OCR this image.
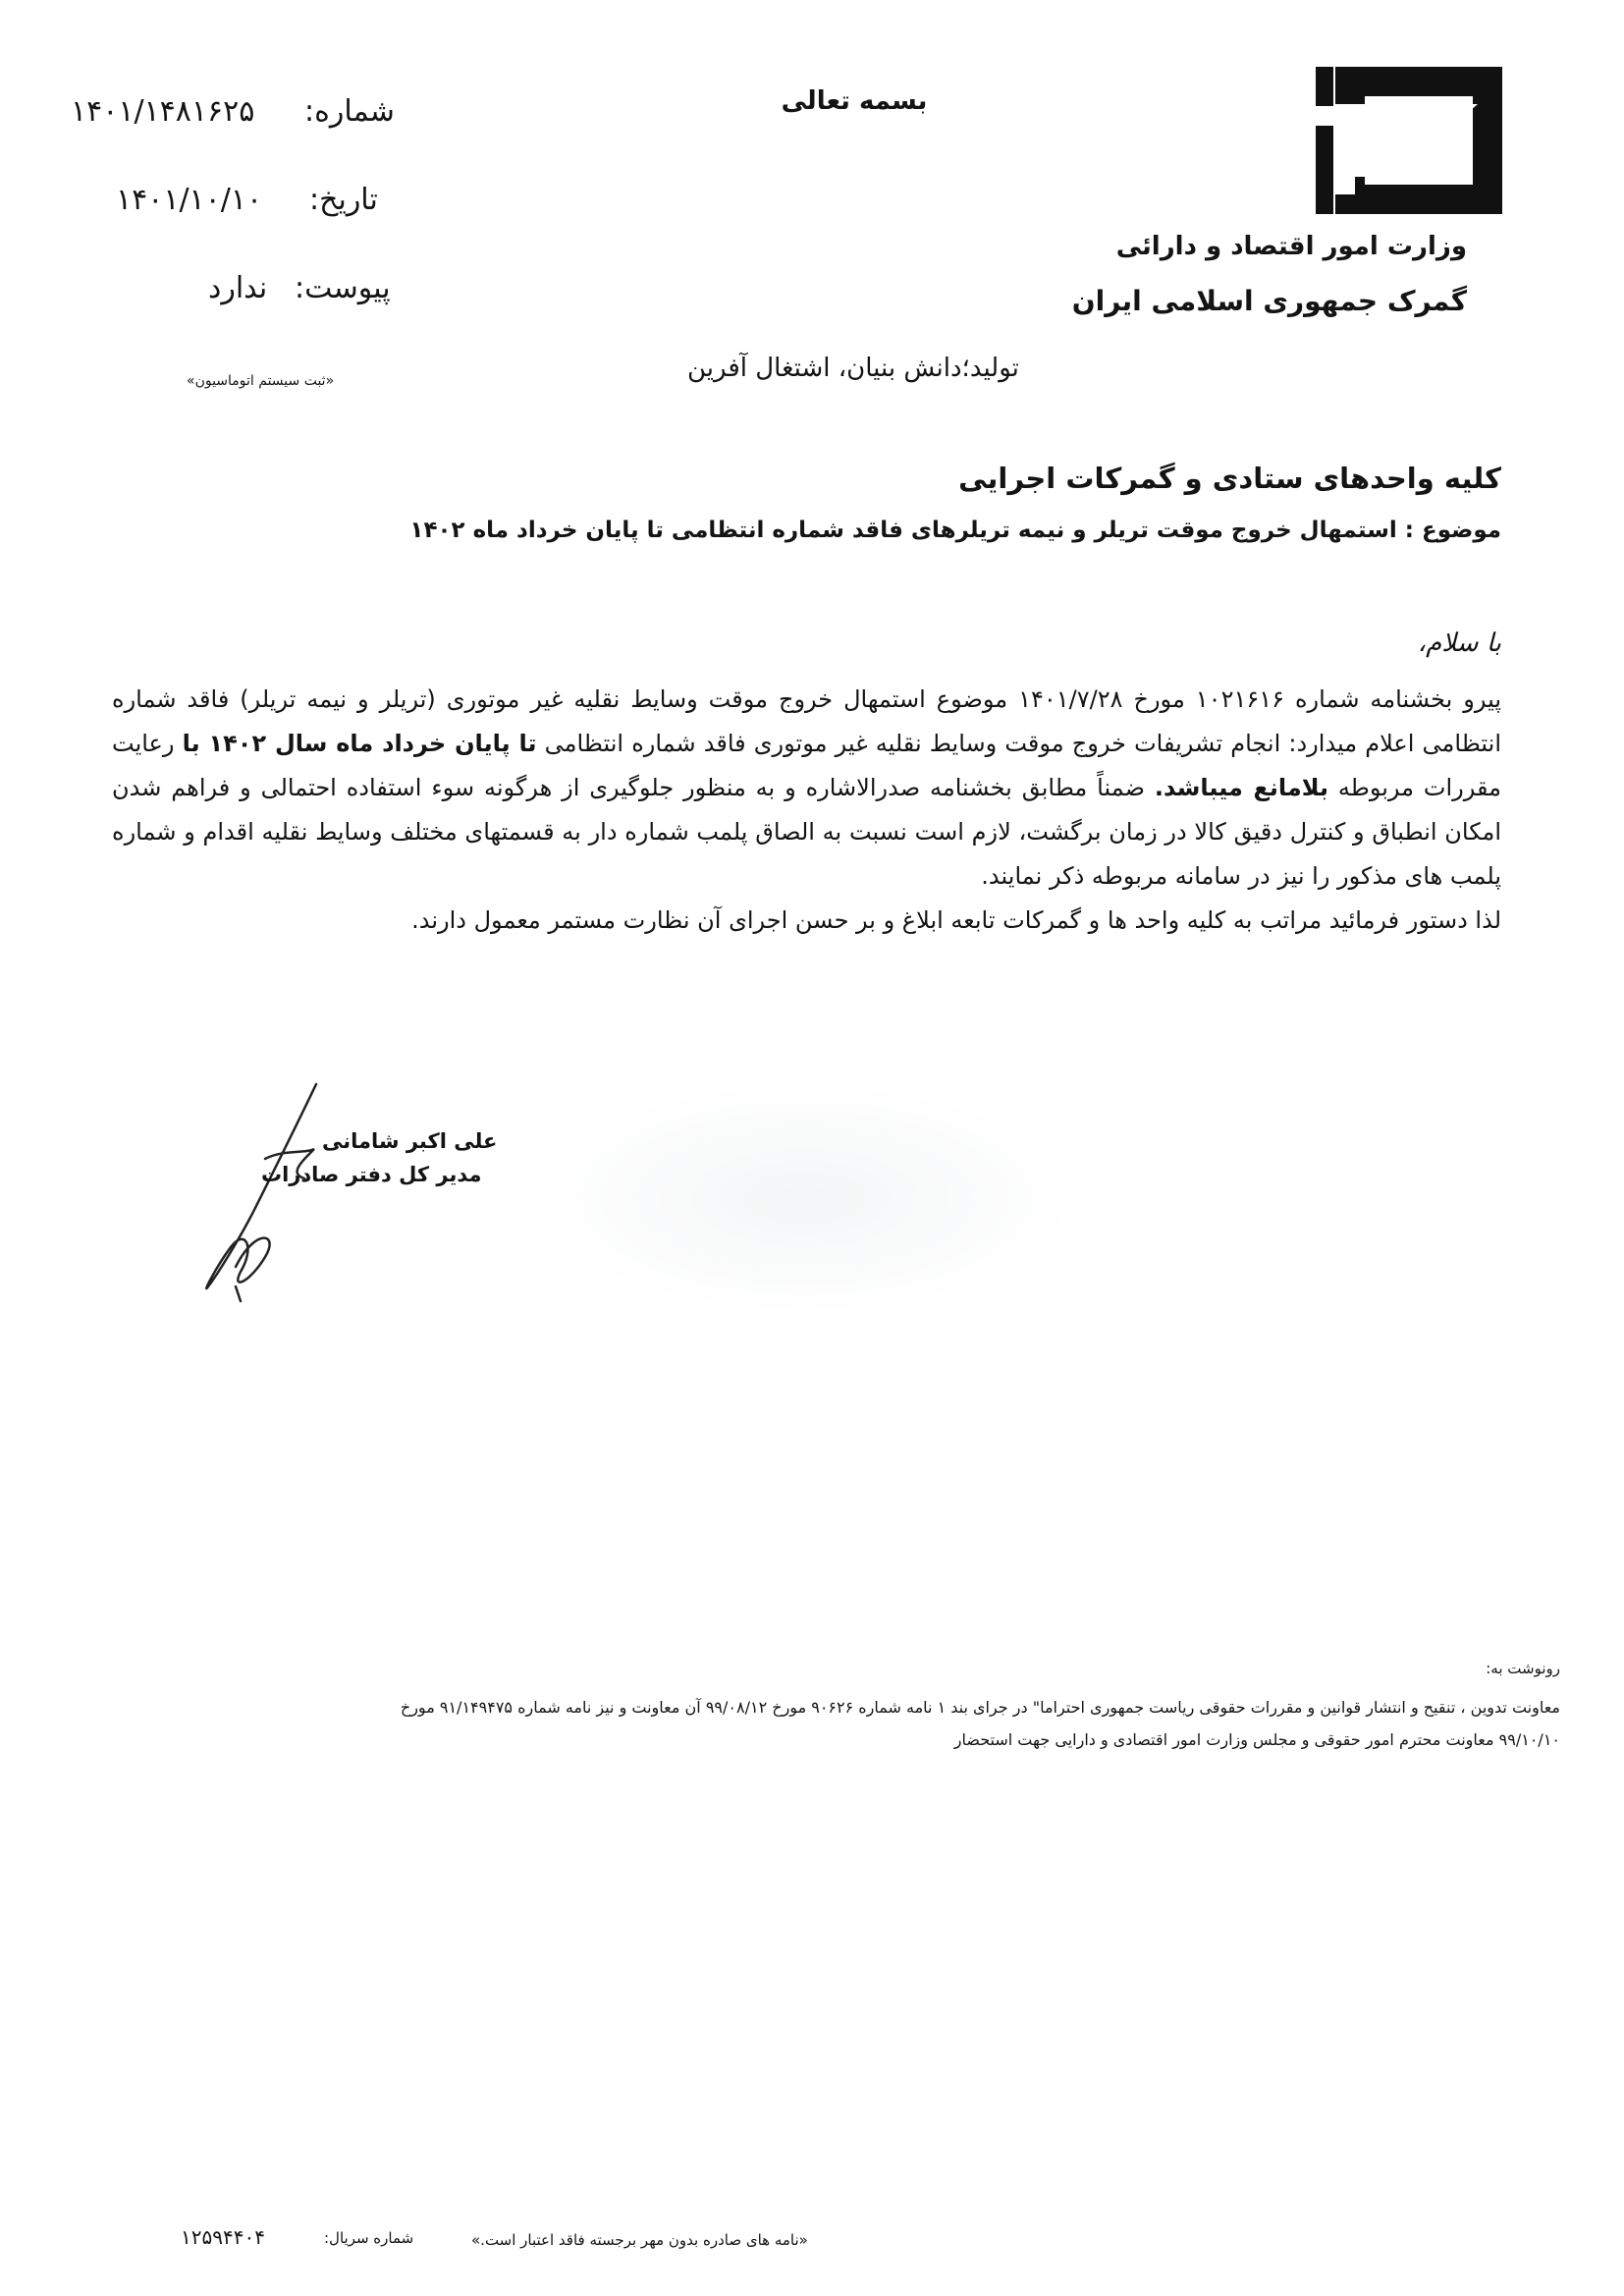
وزارت امور اقتصاد و دارائی
گمرک جمهوری اسلامی ایران
بسمه تعالی
شماره:
۱۴۰۱/۱۴۸۱۶۲۵
تاریخ:
۱۴۰۱/۱۰/۱۰
پیوست:
ندارد
«ثبت سیستم اتوماسیون»	تولید؛دانش بنیان، اشتغال آفرین
کلیه واحدهای ستادی و گمرکات اجرایی
موضوع : استمهال خروج موقت تریلر و نیمه تریلرهای فاقد شماره انتظامی تا پایان خرداد ماه ۱۴۰۲
با سلام،

پیرو بخشنامه شماره ۱۰۲۱۶۱۶ مورخ ۱۴۰۱/۷/۲۸ موضوع استمهال خروج موقت وسایط نقلیه غیر موتوری (تریلر و نیمه تریلر) فاقد شماره انتظامی اعلام میدارد: انجام تشریفات خروج موقت وسایط نقلیه غیر موتوری فاقد شماره انتظامی تا پایان خرداد ماه سال ۱۴۰۲ با رعایت مقررات مربوطه بلامانع میباشد. ضمناً مطابق بخشنامه صدرالاشاره و به منظور جلوگیری از هرگونه سوء استفاده احتمالی و فراهم شدن امکان انطباق و کنترل دقیق کالا در زمان برگشت، لازم است نسبت به الصاق پلمب شماره دار به قسمتهای مختلف وسایط نقلیه اقدام و شماره پلمب های مذکور را نیز در سامانه مربوطه ذکر نمایند.

لذا دستور فرمائید مراتب به کلیه واحد ها و گمرکات تابعه ابلاغ و بر حسن اجرای آن نظارت مستمر معمول دارند.

علی اکبر شامانی
مدیر کل دفتر صادرات
رونوشت به:

معاونت تدوین ، تنقیح و انتشار قوانین و مقررات حقوقی ریاست جمهوری احتراما" در جرای بند ۱ نامه شماره ۹۰۶۲۶ مورخ ۹۹/۰۸/۱۲ آن معاونت و نیز نامه شماره ۹۱/۱۴۹۴۷۵ مورخ

۹۹/۱۰/۱۰ معاونت محترم امور حقوقی و مجلس وزارت امور اقتصادی و دارایی جهت استحضار

«نامه های صادره بدون مهر برجسته فاقد اعتبار است.»
شماره سریال:
۱۲۵۹۴۴۰۴
